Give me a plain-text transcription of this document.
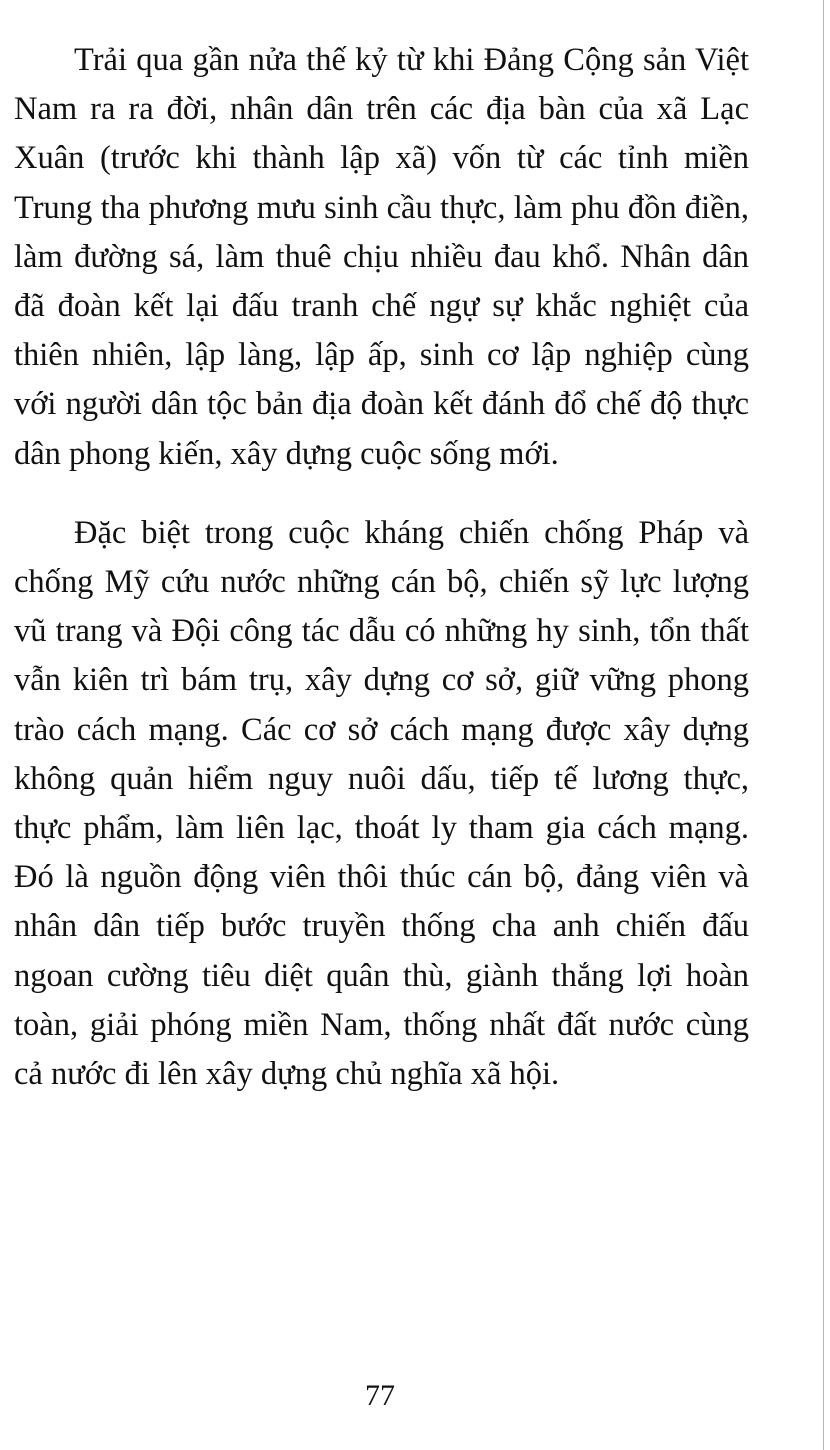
Trải qua gần nửa thế kỷ từ khi Đảng Cộng sản Việt Nam ra ra đời, nhân dân trên các địa bàn của xã Lạc Xuân (trước khi thành lập xã) vốn từ các tỉnh miền Trung tha phương mưu sinh cầu thực, làm phu đồn điền, làm đường sá, làm thuê chịu nhiều đau khổ. Nhân dân đã đoàn kết lại đấu tranh chế ngự sự khắc nghiệt của thiên nhiên, lập làng, lập ấp, sinh cơ lập nghiệp cùng với người dân tộc bản địa đoàn kết đánh đổ chế độ thực dân phong kiến, xây dựng cuộc sống mới.

Đặc biệt trong cuộc kháng chiến chống Pháp và chống Mỹ cứu nước những cán bộ, chiến sỹ lực lượng vũ trang và Đội công tác dẫu có những hy sinh, tổn thất vẫn kiên trì bám trụ, xây dựng cơ sở, giữ vững phong trào cách mạng. Các cơ sở cách mạng được xây dựng không quản hiểm nguy nuôi dấu, tiếp tế lương thực, thực phẩm, làm liên lạc, thoát ly tham gia cách mạng. Đó là nguồn động viên thôi thúc cán bộ, đảng viên và nhân dân tiếp bước truyền thống cha anh chiến đấu ngoan cường tiêu diệt quân thù, giành thắng lợi hoàn toàn, giải phóng miền Nam, thống nhất đất nước cùng cả nước đi lên xây dựng chủ nghĩa xã hội.

77
